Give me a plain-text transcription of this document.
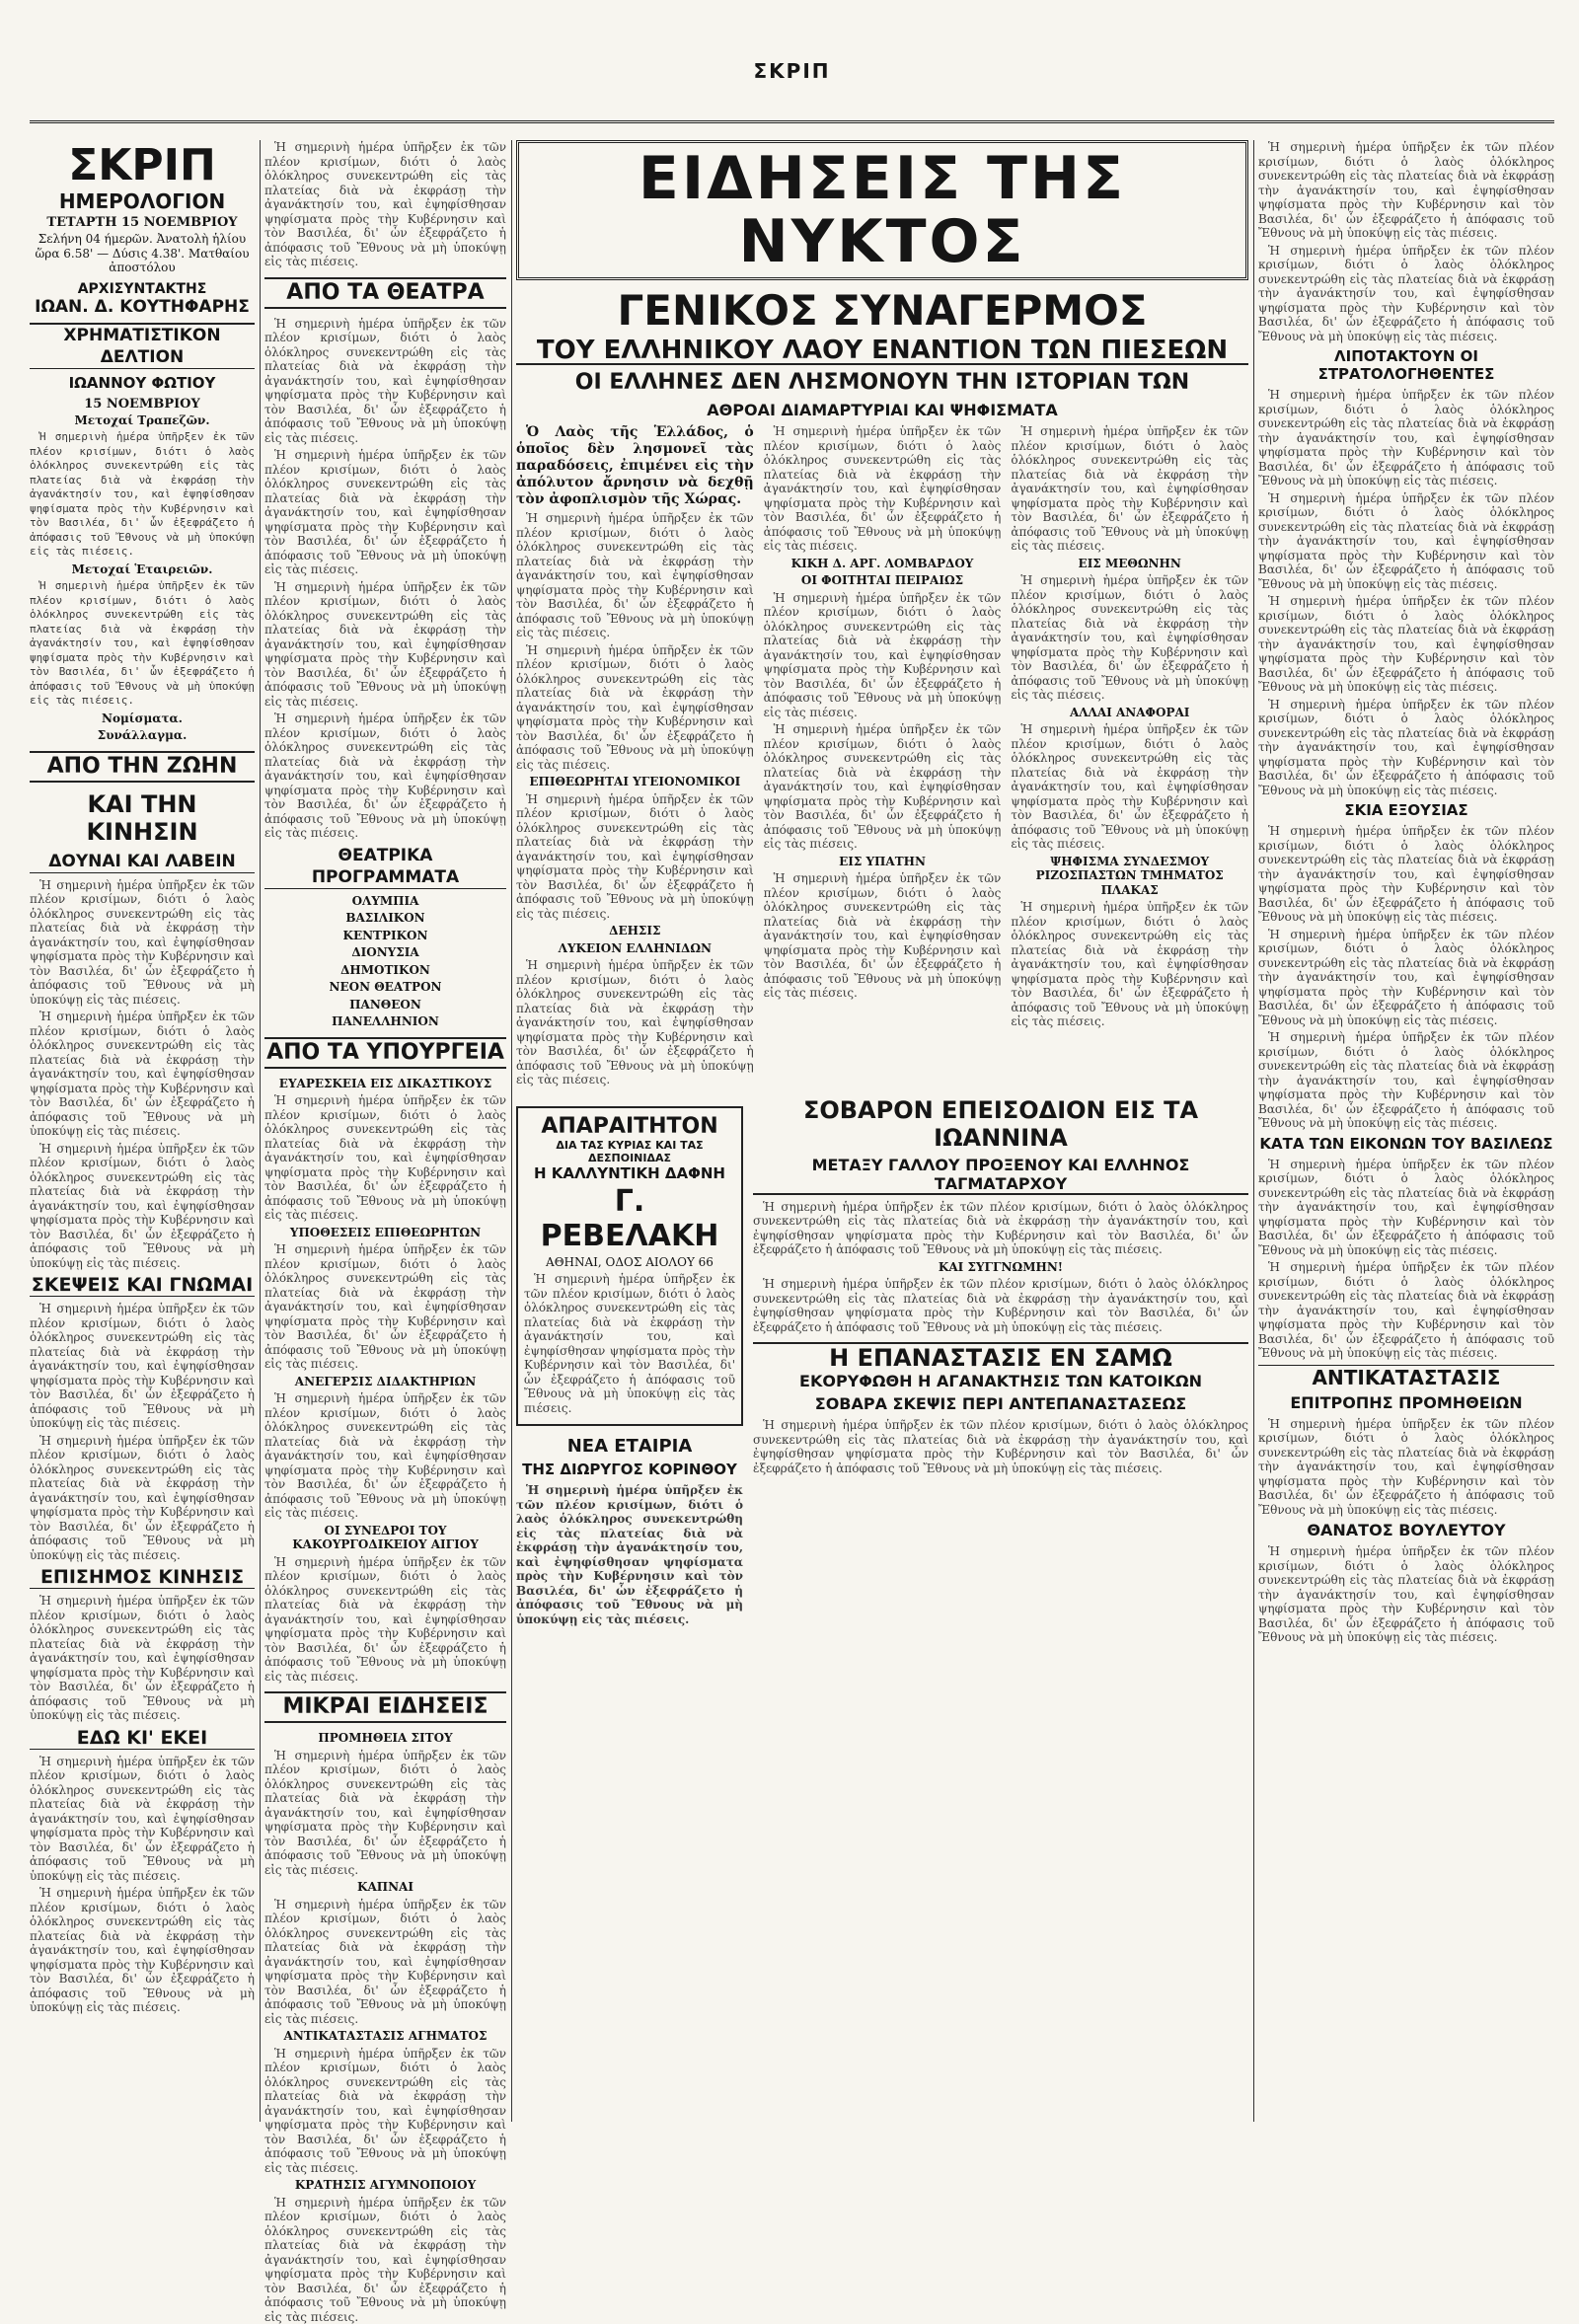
ΣΚΡΙΠ
ΣΚΡΙΠ
ΗΜΕΡΟΛΟΓΙΟΝ
ΤΕΤΑΡΤΗ 15 ΝΟΕΜΒΡΙΟΥ

Σελήνη 04 ήμερῶν. Ἀνατολὴ ἡλίου ὥρα 6.58' — Δύσις 4.38'. Ματθαίου ἀποστόλου

ΑΡΧΙΣΥΝΤΑΚΤΗΣ
ΙΩΑΝ. Δ. ΚΟΥΤΗΦΑΡΗΣ
ΧΡΗΜΑΤΙΣΤΙΚΟΝ ΔΕΛΤΙΟΝ
ΙΩΑΝΝΟΥ ΦΩΤΙΟΥ
15 ΝΟΕΜΒΡΙΟΥ

Μετοχαί Τραπεζῶν.

Ἡ σημερινὴ ἡμέρα ὑπῆρξεν ἐκ τῶν πλέον κρισίμων, διότι ὁ λαὸς ὁλόκληρος συνεκεντρώθη εἰς τὰς πλατείας διὰ νὰ ἐκφράσῃ τὴν ἀγανάκτησίν του, καὶ ἐψηφίσθησαν ψηφίσματα πρὸς τὴν Κυβέρνησιν καὶ τὸν Βασιλέα, δι' ὧν ἐξεφράζετο ἡ ἀπόφασις τοῦ Ἔθνους νὰ μὴ ὑποκύψῃ εἰς τὰς πιέσεις.

Μετοχαί Ἑταιρειῶν.

Ἡ σημερινὴ ἡμέρα ὑπῆρξεν ἐκ τῶν πλέον κρισίμων, διότι ὁ λαὸς ὁλόκληρος συνεκεντρώθη εἰς τὰς πλατείας διὰ νὰ ἐκφράσῃ τὴν ἀγανάκτησίν του, καὶ ἐψηφίσθησαν ψηφίσματα πρὸς τὴν Κυβέρνησιν καὶ τὸν Βασιλέα, δι' ὧν ἐξεφράζετο ἡ ἀπόφασις τοῦ Ἔθνους νὰ μὴ ὑποκύψῃ εἰς τὰς πιέσεις.

Νομίσματα.

Συνάλλαγμα.

ΑΠΟ ΤΗΝ ΖΩΗΝ
ΚΑΙ ΤΗΝ ΚΙΝΗΣΙΝ
ΔΟΥΝΑΙ ΚΑΙ ΛΑΒΕΙΝ

Ἡ σημερινὴ ἡμέρα ὑπῆρξεν ἐκ τῶν πλέον κρισίμων, διότι ὁ λαὸς ὁλόκληρος συνεκεντρώθη εἰς τὰς πλατείας διὰ νὰ ἐκφράσῃ τὴν ἀγανάκτησίν του, καὶ ἐψηφίσθησαν ψηφίσματα πρὸς τὴν Κυβέρνησιν καὶ τὸν Βασιλέα, δι' ὧν ἐξεφράζετο ἡ ἀπόφασις τοῦ Ἔθνους νὰ μὴ ὑποκύψῃ εἰς τὰς πιέσεις.

Ἡ σημερινὴ ἡμέρα ὑπῆρξεν ἐκ τῶν πλέον κρισίμων, διότι ὁ λαὸς ὁλόκληρος συνεκεντρώθη εἰς τὰς πλατείας διὰ νὰ ἐκφράσῃ τὴν ἀγανάκτησίν του, καὶ ἐψηφίσθησαν ψηφίσματα πρὸς τὴν Κυβέρνησιν καὶ τὸν Βασιλέα, δι' ὧν ἐξεφράζετο ἡ ἀπόφασις τοῦ Ἔθνους νὰ μὴ ὑποκύψῃ εἰς τὰς πιέσεις.

Ἡ σημερινὴ ἡμέρα ὑπῆρξεν ἐκ τῶν πλέον κρισίμων, διότι ὁ λαὸς ὁλόκληρος συνεκεντρώθη εἰς τὰς πλατείας διὰ νὰ ἐκφράσῃ τὴν ἀγανάκτησίν του, καὶ ἐψηφίσθησαν ψηφίσματα πρὸς τὴν Κυβέρνησιν καὶ τὸν Βασιλέα, δι' ὧν ἐξεφράζετο ἡ ἀπόφασις τοῦ Ἔθνους νὰ μὴ ὑποκύψῃ εἰς τὰς πιέσεις.

ΣΚΕΨΕΙΣ ΚΑΙ ΓΝΩΜΑΙ

Ἡ σημερινὴ ἡμέρα ὑπῆρξεν ἐκ τῶν πλέον κρισίμων, διότι ὁ λαὸς ὁλόκληρος συνεκεντρώθη εἰς τὰς πλατείας διὰ νὰ ἐκφράσῃ τὴν ἀγανάκτησίν του, καὶ ἐψηφίσθησαν ψηφίσματα πρὸς τὴν Κυβέρνησιν καὶ τὸν Βασιλέα, δι' ὧν ἐξεφράζετο ἡ ἀπόφασις τοῦ Ἔθνους νὰ μὴ ὑποκύψῃ εἰς τὰς πιέσεις.

Ἡ σημερινὴ ἡμέρα ὑπῆρξεν ἐκ τῶν πλέον κρισίμων, διότι ὁ λαὸς ὁλόκληρος συνεκεντρώθη εἰς τὰς πλατείας διὰ νὰ ἐκφράσῃ τὴν ἀγανάκτησίν του, καὶ ἐψηφίσθησαν ψηφίσματα πρὸς τὴν Κυβέρνησιν καὶ τὸν Βασιλέα, δι' ὧν ἐξεφράζετο ἡ ἀπόφασις τοῦ Ἔθνους νὰ μὴ ὑποκύψῃ εἰς τὰς πιέσεις.

ΕΠΙΣΗΜΟΣ ΚΙΝΗΣΙΣ

Ἡ σημερινὴ ἡμέρα ὑπῆρξεν ἐκ τῶν πλέον κρισίμων, διότι ὁ λαὸς ὁλόκληρος συνεκεντρώθη εἰς τὰς πλατείας διὰ νὰ ἐκφράσῃ τὴν ἀγανάκτησίν του, καὶ ἐψηφίσθησαν ψηφίσματα πρὸς τὴν Κυβέρνησιν καὶ τὸν Βασιλέα, δι' ὧν ἐξεφράζετο ἡ ἀπόφασις τοῦ Ἔθνους νὰ μὴ ὑποκύψῃ εἰς τὰς πιέσεις.

ΕΔΩ ΚΙ' ΕΚΕΙ

Ἡ σημερινὴ ἡμέρα ὑπῆρξεν ἐκ τῶν πλέον κρισίμων, διότι ὁ λαὸς ὁλόκληρος συνεκεντρώθη εἰς τὰς πλατείας διὰ νὰ ἐκφράσῃ τὴν ἀγανάκτησίν του, καὶ ἐψηφίσθησαν ψηφίσματα πρὸς τὴν Κυβέρνησιν καὶ τὸν Βασιλέα, δι' ὧν ἐξεφράζετο ἡ ἀπόφασις τοῦ Ἔθνους νὰ μὴ ὑποκύψῃ εἰς τὰς πιέσεις.

Ἡ σημερινὴ ἡμέρα ὑπῆρξεν ἐκ τῶν πλέον κρισίμων, διότι ὁ λαὸς ὁλόκληρος συνεκεντρώθη εἰς τὰς πλατείας διὰ νὰ ἐκφράσῃ τὴν ἀγανάκτησίν του, καὶ ἐψηφίσθησαν ψηφίσματα πρὸς τὴν Κυβέρνησιν καὶ τὸν Βασιλέα, δι' ὧν ἐξεφράζετο ἡ ἀπόφασις τοῦ Ἔθνους νὰ μὴ ὑποκύψῃ εἰς τὰς πιέσεις.

Ἡ σημερινὴ ἡμέρα ὑπῆρξεν ἐκ τῶν πλέον κρισίμων, διότι ὁ λαὸς ὁλόκληρος συνεκεντρώθη εἰς τὰς πλατείας διὰ νὰ ἐκφράσῃ τὴν ἀγανάκτησίν του, καὶ ἐψηφίσθησαν ψηφίσματα πρὸς τὴν Κυβέρνησιν καὶ τὸν Βασιλέα, δι' ὧν ἐξεφράζετο ἡ ἀπόφασις τοῦ Ἔθνους νὰ μὴ ὑποκύψῃ εἰς τὰς πιέσεις.

ΑΠΟ ΤΑ ΘΕΑΤΡΑ

Ἡ σημερινὴ ἡμέρα ὑπῆρξεν ἐκ τῶν πλέον κρισίμων, διότι ὁ λαὸς ὁλόκληρος συνεκεντρώθη εἰς τὰς πλατείας διὰ νὰ ἐκφράσῃ τὴν ἀγανάκτησίν του, καὶ ἐψηφίσθησαν ψηφίσματα πρὸς τὴν Κυβέρνησιν καὶ τὸν Βασιλέα, δι' ὧν ἐξεφράζετο ἡ ἀπόφασις τοῦ Ἔθνους νὰ μὴ ὑποκύψῃ εἰς τὰς πιέσεις.

Ἡ σημερινὴ ἡμέρα ὑπῆρξεν ἐκ τῶν πλέον κρισίμων, διότι ὁ λαὸς ὁλόκληρος συνεκεντρώθη εἰς τὰς πλατείας διὰ νὰ ἐκφράσῃ τὴν ἀγανάκτησίν του, καὶ ἐψηφίσθησαν ψηφίσματα πρὸς τὴν Κυβέρνησιν καὶ τὸν Βασιλέα, δι' ὧν ἐξεφράζετο ἡ ἀπόφασις τοῦ Ἔθνους νὰ μὴ ὑποκύψῃ εἰς τὰς πιέσεις.

Ἡ σημερινὴ ἡμέρα ὑπῆρξεν ἐκ τῶν πλέον κρισίμων, διότι ὁ λαὸς ὁλόκληρος συνεκεντρώθη εἰς τὰς πλατείας διὰ νὰ ἐκφράσῃ τὴν ἀγανάκτησίν του, καὶ ἐψηφίσθησαν ψηφίσματα πρὸς τὴν Κυβέρνησιν καὶ τὸν Βασιλέα, δι' ὧν ἐξεφράζετο ἡ ἀπόφασις τοῦ Ἔθνους νὰ μὴ ὑποκύψῃ εἰς τὰς πιέσεις.

Ἡ σημερινὴ ἡμέρα ὑπῆρξεν ἐκ τῶν πλέον κρισίμων, διότι ὁ λαὸς ὁλόκληρος συνεκεντρώθη εἰς τὰς πλατείας διὰ νὰ ἐκφράσῃ τὴν ἀγανάκτησίν του, καὶ ἐψηφίσθησαν ψηφίσματα πρὸς τὴν Κυβέρνησιν καὶ τὸν Βασιλέα, δι' ὧν ἐξεφράζετο ἡ ἀπόφασις τοῦ Ἔθνους νὰ μὴ ὑποκύψῃ εἰς τὰς πιέσεις.

ΘΕΑΤΡΙΚΑ ΠΡΟΓΡΑΜΜΑΤΑ

ΟΛΥΜΠΙΑ

ΒΑΣΙΛΙΚΟΝ

ΚΕΝΤΡΙΚΟΝ

ΔΙΟΝΥΣΙΑ

ΔΗΜΟΤΙΚΟΝ

ΝΕΟΝ ΘΕΑΤΡΟΝ

ΠΑΝΘΕΟΝ

ΠΑΝΕΛΛΗΝΙΟΝ

ΑΠΟ ΤΑ ΥΠΟΥΡΓΕΙΑ

ΕΥΑΡΕΣΚΕΙΑ ΕΙΣ ΔΙΚΑΣΤΙΚΟΥΣ

Ἡ σημερινὴ ἡμέρα ὑπῆρξεν ἐκ τῶν πλέον κρισίμων, διότι ὁ λαὸς ὁλόκληρος συνεκεντρώθη εἰς τὰς πλατείας διὰ νὰ ἐκφράσῃ τὴν ἀγανάκτησίν του, καὶ ἐψηφίσθησαν ψηφίσματα πρὸς τὴν Κυβέρνησιν καὶ τὸν Βασιλέα, δι' ὧν ἐξεφράζετο ἡ ἀπόφασις τοῦ Ἔθνους νὰ μὴ ὑποκύψῃ εἰς τὰς πιέσεις.

ΥΠΟΘΕΣΕΙΣ ΕΠΙΘΕΩΡΗΤΩΝ

Ἡ σημερινὴ ἡμέρα ὑπῆρξεν ἐκ τῶν πλέον κρισίμων, διότι ὁ λαὸς ὁλόκληρος συνεκεντρώθη εἰς τὰς πλατείας διὰ νὰ ἐκφράσῃ τὴν ἀγανάκτησίν του, καὶ ἐψηφίσθησαν ψηφίσματα πρὸς τὴν Κυβέρνησιν καὶ τὸν Βασιλέα, δι' ὧν ἐξεφράζετο ἡ ἀπόφασις τοῦ Ἔθνους νὰ μὴ ὑποκύψῃ εἰς τὰς πιέσεις.

ΑΝΕΓΕΡΣΙΣ ΔΙΔΑΚΤΗΡΙΩΝ

Ἡ σημερινὴ ἡμέρα ὑπῆρξεν ἐκ τῶν πλέον κρισίμων, διότι ὁ λαὸς ὁλόκληρος συνεκεντρώθη εἰς τὰς πλατείας διὰ νὰ ἐκφράσῃ τὴν ἀγανάκτησίν του, καὶ ἐψηφίσθησαν ψηφίσματα πρὸς τὴν Κυβέρνησιν καὶ τὸν Βασιλέα, δι' ὧν ἐξεφράζετο ἡ ἀπόφασις τοῦ Ἔθνους νὰ μὴ ὑποκύψῃ εἰς τὰς πιέσεις.

ΟΙ ΣΥΝΕΔΡΟΙ ΤΟΥ ΚΑΚΟΥΡΓΟΔΙΚΕΙΟΥ ΑΙΓΙΟΥ

Ἡ σημερινὴ ἡμέρα ὑπῆρξεν ἐκ τῶν πλέον κρισίμων, διότι ὁ λαὸς ὁλόκληρος συνεκεντρώθη εἰς τὰς πλατείας διὰ νὰ ἐκφράσῃ τὴν ἀγανάκτησίν του, καὶ ἐψηφίσθησαν ψηφίσματα πρὸς τὴν Κυβέρνησιν καὶ τὸν Βασιλέα, δι' ὧν ἐξεφράζετο ἡ ἀπόφασις τοῦ Ἔθνους νὰ μὴ ὑποκύψῃ εἰς τὰς πιέσεις.

ΜΙΚΡΑΙ ΕΙΔΗΣΕΙΣ

ΠΡΟΜΗΘΕΙΑ ΣΙΤΟΥ

Ἡ σημερινὴ ἡμέρα ὑπῆρξεν ἐκ τῶν πλέον κρισίμων, διότι ὁ λαὸς ὁλόκληρος συνεκεντρώθη εἰς τὰς πλατείας διὰ νὰ ἐκφράσῃ τὴν ἀγανάκτησίν του, καὶ ἐψηφίσθησαν ψηφίσματα πρὸς τὴν Κυβέρνησιν καὶ τὸν Βασιλέα, δι' ὧν ἐξεφράζετο ἡ ἀπόφασις τοῦ Ἔθνους νὰ μὴ ὑποκύψῃ εἰς τὰς πιέσεις.

ΚΑΠΝΑΙ

Ἡ σημερινὴ ἡμέρα ὑπῆρξεν ἐκ τῶν πλέον κρισίμων, διότι ὁ λαὸς ὁλόκληρος συνεκεντρώθη εἰς τὰς πλατείας διὰ νὰ ἐκφράσῃ τὴν ἀγανάκτησίν του, καὶ ἐψηφίσθησαν ψηφίσματα πρὸς τὴν Κυβέρνησιν καὶ τὸν Βασιλέα, δι' ὧν ἐξεφράζετο ἡ ἀπόφασις τοῦ Ἔθνους νὰ μὴ ὑποκύψῃ εἰς τὰς πιέσεις.

ΑΝΤΙΚΑΤΑΣΤΑΣΙΣ ΑΓΗΜΑΤΟΣ

Ἡ σημερινὴ ἡμέρα ὑπῆρξεν ἐκ τῶν πλέον κρισίμων, διότι ὁ λαὸς ὁλόκληρος συνεκεντρώθη εἰς τὰς πλατείας διὰ νὰ ἐκφράσῃ τὴν ἀγανάκτησίν του, καὶ ἐψηφίσθησαν ψηφίσματα πρὸς τὴν Κυβέρνησιν καὶ τὸν Βασιλέα, δι' ὧν ἐξεφράζετο ἡ ἀπόφασις τοῦ Ἔθνους νὰ μὴ ὑποκύψῃ εἰς τὰς πιέσεις.

ΚΡΑΤΗΣΙΣ ΑΓΥΜΝΟΠΟΙΟΥ

Ἡ σημερινὴ ἡμέρα ὑπῆρξεν ἐκ τῶν πλέον κρισίμων, διότι ὁ λαὸς ὁλόκληρος συνεκεντρώθη εἰς τὰς πλατείας διὰ νὰ ἐκφράσῃ τὴν ἀγανάκτησίν του, καὶ ἐψηφίσθησαν ψηφίσματα πρὸς τὴν Κυβέρνησιν καὶ τὸν Βασιλέα, δι' ὧν ἐξεφράζετο ἡ ἀπόφασις τοῦ Ἔθνους νὰ μὴ ὑποκύψῃ εἰς τὰς πιέσεις.

ΕΙΔΗΣΕΙΣ ΤΗΣ ΝΥΚΤΟΣ
ΓΕΝΙΚΟΣ ΣΥΝΑΓΕΡΜΟΣ
ΤΟΥ ΕΛΛΗΝΙΚΟΥ ΛΑΟΥ ΕΝΑΝΤΙΟΝ ΤΩΝ ΠΙΕΣΕΩΝ
ΟΙ ΕΛΛΗΝΕΣ ΔΕΝ ΛΗΣΜΟΝΟΥΝ ΤΗΝ ΙΣΤΟΡΙΑΝ ΤΩΝ
ΑΘΡΟΑΙ ΔΙΑΜΑΡΤΥΡΙΑΙ ΚΑΙ ΨΗΦΙΣΜΑΤΑ

Ὁ Λαὸς τῆς Ἑλλάδος, ὁ ὁποῖος δὲν λησμονεῖ τὰς παραδόσεις, ἐπιμένει εἰς τὴν ἀπόλυτον ἄρνησιν νὰ δεχθῇ τὸν ἀφοπλισμὸν τῆς Χώρας.

Ἡ σημερινὴ ἡμέρα ὑπῆρξεν ἐκ τῶν πλέον κρισίμων, διότι ὁ λαὸς ὁλόκληρος συνεκεντρώθη εἰς τὰς πλατείας διὰ νὰ ἐκφράσῃ τὴν ἀγανάκτησίν του, καὶ ἐψηφίσθησαν ψηφίσματα πρὸς τὴν Κυβέρνησιν καὶ τὸν Βασιλέα, δι' ὧν ἐξεφράζετο ἡ ἀπόφασις τοῦ Ἔθνους νὰ μὴ ὑποκύψῃ εἰς τὰς πιέσεις.

Ἡ σημερινὴ ἡμέρα ὑπῆρξεν ἐκ τῶν πλέον κρισίμων, διότι ὁ λαὸς ὁλόκληρος συνεκεντρώθη εἰς τὰς πλατείας διὰ νὰ ἐκφράσῃ τὴν ἀγανάκτησίν του, καὶ ἐψηφίσθησαν ψηφίσματα πρὸς τὴν Κυβέρνησιν καὶ τὸν Βασιλέα, δι' ὧν ἐξεφράζετο ἡ ἀπόφασις τοῦ Ἔθνους νὰ μὴ ὑποκύψῃ εἰς τὰς πιέσεις.

ΕΠΙΘΕΩΡΗΤΑΙ ΥΓΕΙΟΝΟΜΙΚΟΙ

Ἡ σημερινὴ ἡμέρα ὑπῆρξεν ἐκ τῶν πλέον κρισίμων, διότι ὁ λαὸς ὁλόκληρος συνεκεντρώθη εἰς τὰς πλατείας διὰ νὰ ἐκφράσῃ τὴν ἀγανάκτησίν του, καὶ ἐψηφίσθησαν ψηφίσματα πρὸς τὴν Κυβέρνησιν καὶ τὸν Βασιλέα, δι' ὧν ἐξεφράζετο ἡ ἀπόφασις τοῦ Ἔθνους νὰ μὴ ὑποκύψῃ εἰς τὰς πιέσεις.

ΔΕΗΣΙΣ

ΛΥΚΕΙΟΝ ΕΛΛΗΝΙΔΩΝ

Ἡ σημερινὴ ἡμέρα ὑπῆρξεν ἐκ τῶν πλέον κρισίμων, διότι ὁ λαὸς ὁλόκληρος συνεκεντρώθη εἰς τὰς πλατείας διὰ νὰ ἐκφράσῃ τὴν ἀγανάκτησίν του, καὶ ἐψηφίσθησαν ψηφίσματα πρὸς τὴν Κυβέρνησιν καὶ τὸν Βασιλέα, δι' ὧν ἐξεφράζετο ἡ ἀπόφασις τοῦ Ἔθνους νὰ μὴ ὑποκύψῃ εἰς τὰς πιέσεις.

Ἡ σημερινὴ ἡμέρα ὑπῆρξεν ἐκ τῶν πλέον κρισίμων, διότι ὁ λαὸς ὁλόκληρος συνεκεντρώθη εἰς τὰς πλατείας διὰ νὰ ἐκφράσῃ τὴν ἀγανάκτησίν του, καὶ ἐψηφίσθησαν ψηφίσματα πρὸς τὴν Κυβέρνησιν καὶ τὸν Βασιλέα, δι' ὧν ἐξεφράζετο ἡ ἀπόφασις τοῦ Ἔθνους νὰ μὴ ὑποκύψῃ εἰς τὰς πιέσεις.

ΚΙΚΗ Δ. ΑΡΓ. ΛΟΜΒΑΡΔΟΥ

ΟΙ ΦΟΙΤΗΤΑΙ ΠΕΙΡΑΙΩΣ

Ἡ σημερινὴ ἡμέρα ὑπῆρξεν ἐκ τῶν πλέον κρισίμων, διότι ὁ λαὸς ὁλόκληρος συνεκεντρώθη εἰς τὰς πλατείας διὰ νὰ ἐκφράσῃ τὴν ἀγανάκτησίν του, καὶ ἐψηφίσθησαν ψηφίσματα πρὸς τὴν Κυβέρνησιν καὶ τὸν Βασιλέα, δι' ὧν ἐξεφράζετο ἡ ἀπόφασις τοῦ Ἔθνους νὰ μὴ ὑποκύψῃ εἰς τὰς πιέσεις.

Ἡ σημερινὴ ἡμέρα ὑπῆρξεν ἐκ τῶν πλέον κρισίμων, διότι ὁ λαὸς ὁλόκληρος συνεκεντρώθη εἰς τὰς πλατείας διὰ νὰ ἐκφράσῃ τὴν ἀγανάκτησίν του, καὶ ἐψηφίσθησαν ψηφίσματα πρὸς τὴν Κυβέρνησιν καὶ τὸν Βασιλέα, δι' ὧν ἐξεφράζετο ἡ ἀπόφασις τοῦ Ἔθνους νὰ μὴ ὑποκύψῃ εἰς τὰς πιέσεις.

ΕΙΣ ΥΠΑΤΗΝ

Ἡ σημερινὴ ἡμέρα ὑπῆρξεν ἐκ τῶν πλέον κρισίμων, διότι ὁ λαὸς ὁλόκληρος συνεκεντρώθη εἰς τὰς πλατείας διὰ νὰ ἐκφράσῃ τὴν ἀγανάκτησίν του, καὶ ἐψηφίσθησαν ψηφίσματα πρὸς τὴν Κυβέρνησιν καὶ τὸν Βασιλέα, δι' ὧν ἐξεφράζετο ἡ ἀπόφασις τοῦ Ἔθνους νὰ μὴ ὑποκύψῃ εἰς τὰς πιέσεις.

Ἡ σημερινὴ ἡμέρα ὑπῆρξεν ἐκ τῶν πλέον κρισίμων, διότι ὁ λαὸς ὁλόκληρος συνεκεντρώθη εἰς τὰς πλατείας διὰ νὰ ἐκφράσῃ τὴν ἀγανάκτησίν του, καὶ ἐψηφίσθησαν ψηφίσματα πρὸς τὴν Κυβέρνησιν καὶ τὸν Βασιλέα, δι' ὧν ἐξεφράζετο ἡ ἀπόφασις τοῦ Ἔθνους νὰ μὴ ὑποκύψῃ εἰς τὰς πιέσεις.

ΕΙΣ ΜΕΘΩΝΗΝ

Ἡ σημερινὴ ἡμέρα ὑπῆρξεν ἐκ τῶν πλέον κρισίμων, διότι ὁ λαὸς ὁλόκληρος συνεκεντρώθη εἰς τὰς πλατείας διὰ νὰ ἐκφράσῃ τὴν ἀγανάκτησίν του, καὶ ἐψηφίσθησαν ψηφίσματα πρὸς τὴν Κυβέρνησιν καὶ τὸν Βασιλέα, δι' ὧν ἐξεφράζετο ἡ ἀπόφασις τοῦ Ἔθνους νὰ μὴ ὑποκύψῃ εἰς τὰς πιέσεις.

ΑΛΛΑΙ ΑΝΑΦΟΡΑΙ

Ἡ σημερινὴ ἡμέρα ὑπῆρξεν ἐκ τῶν πλέον κρισίμων, διότι ὁ λαὸς ὁλόκληρος συνεκεντρώθη εἰς τὰς πλατείας διὰ νὰ ἐκφράσῃ τὴν ἀγανάκτησίν του, καὶ ἐψηφίσθησαν ψηφίσματα πρὸς τὴν Κυβέρνησιν καὶ τὸν Βασιλέα, δι' ὧν ἐξεφράζετο ἡ ἀπόφασις τοῦ Ἔθνους νὰ μὴ ὑποκύψῃ εἰς τὰς πιέσεις.

ΨΗΦΙΣΜΑ ΣΥΝΔΕΣΜΟΥ ΡΙΖΟΣΠΑΣΤΩΝ ΤΜΗΜΑΤΟΣ ΠΛΑΚΑΣ

Ἡ σημερινὴ ἡμέρα ὑπῆρξεν ἐκ τῶν πλέον κρισίμων, διότι ὁ λαὸς ὁλόκληρος συνεκεντρώθη εἰς τὰς πλατείας διὰ νὰ ἐκφράσῃ τὴν ἀγανάκτησίν του, καὶ ἐψηφίσθησαν ψηφίσματα πρὸς τὴν Κυβέρνησιν καὶ τὸν Βασιλέα, δι' ὧν ἐξεφράζετο ἡ ἀπόφασις τοῦ Ἔθνους νὰ μὴ ὑποκύψῃ εἰς τὰς πιέσεις.

ΑΠΑΡΑΙΤΗΤΟΝ
ΔΙΑ ΤΑΣ ΚΥΡΙΑΣ ΚΑΙ ΤΑΣ ΔΕΣΠΟΙΝΙΔΑΣ
Η ΚΑΛΛΥΝΤΙΚΗ ΔΑΦΝΗ
Γ. ΡΕΒΕΛΑΚΗ

ΑΘΗΝΑΙ, ΟΔΟΣ ΑΙΟΛΟΥ 66

Ἡ σημερινὴ ἡμέρα ὑπῆρξεν ἐκ τῶν πλέον κρισίμων, διότι ὁ λαὸς ὁλόκληρος συνεκεντρώθη εἰς τὰς πλατείας διὰ νὰ ἐκφράσῃ τὴν ἀγανάκτησίν του, καὶ ἐψηφίσθησαν ψηφίσματα πρὸς τὴν Κυβέρνησιν καὶ τὸν Βασιλέα, δι' ὧν ἐξεφράζετο ἡ ἀπόφασις τοῦ Ἔθνους νὰ μὴ ὑποκύψῃ εἰς τὰς πιέσεις.

ΝΕΑ ΕΤΑΙΡΙΑ
ΤΗΣ ΔΙΩΡΥΓΟΣ ΚΟΡΙΝΘΟΥ

Ἡ σημερινὴ ἡμέρα ὑπῆρξεν ἐκ τῶν πλέον κρισίμων, διότι ὁ λαὸς ὁλόκληρος συνεκεντρώθη εἰς τὰς πλατείας διὰ νὰ ἐκφράσῃ τὴν ἀγανάκτησίν του, καὶ ἐψηφίσθησαν ψηφίσματα πρὸς τὴν Κυβέρνησιν καὶ τὸν Βασιλέα, δι' ὧν ἐξεφράζετο ἡ ἀπόφασις τοῦ Ἔθνους νὰ μὴ ὑποκύψῃ εἰς τὰς πιέσεις.

ΣΟΒΑΡΟΝ ΕΠΕΙΣΟΔΙΟΝ ΕΙΣ ΤΑ ΙΩΑΝΝΙΝΑ
ΜΕΤΑΞΥ ΓΑΛΛΟΥ ΠΡΟΞΕΝΟΥ ΚΑΙ ΕΛΛΗΝΟΣ ΤΑΓΜΑΤΑΡΧΟΥ

Ἡ σημερινὴ ἡμέρα ὑπῆρξεν ἐκ τῶν πλέον κρισίμων, διότι ὁ λαὸς ὁλόκληρος συνεκεντρώθη εἰς τὰς πλατείας διὰ νὰ ἐκφράσῃ τὴν ἀγανάκτησίν του, καὶ ἐψηφίσθησαν ψηφίσματα πρὸς τὴν Κυβέρνησιν καὶ τὸν Βασιλέα, δι' ὧν ἐξεφράζετο ἡ ἀπόφασις τοῦ Ἔθνους νὰ μὴ ὑποκύψῃ εἰς τὰς πιέσεις.

ΚΑΙ ΣΥΓΓΝΩΜΗΝ!

Ἡ σημερινὴ ἡμέρα ὑπῆρξεν ἐκ τῶν πλέον κρισίμων, διότι ὁ λαὸς ὁλόκληρος συνεκεντρώθη εἰς τὰς πλατείας διὰ νὰ ἐκφράσῃ τὴν ἀγανάκτησίν του, καὶ ἐψηφίσθησαν ψηφίσματα πρὸς τὴν Κυβέρνησιν καὶ τὸν Βασιλέα, δι' ὧν ἐξεφράζετο ἡ ἀπόφασις τοῦ Ἔθνους νὰ μὴ ὑποκύψῃ εἰς τὰς πιέσεις.

Η ΕΠΑΝΑΣΤΑΣΙΣ ΕΝ ΣΑΜΩ
ΕΚΟΡΥΦΩΘΗ Η ΑΓΑΝΑΚΤΗΣΙΣ ΤΩΝ ΚΑΤΟΙΚΩΝ
ΣΟΒΑΡΑ ΣΚΕΨΙΣ ΠΕΡΙ ΑΝΤΕΠΑΝΑΣΤΑΣΕΩΣ

Ἡ σημερινὴ ἡμέρα ὑπῆρξεν ἐκ τῶν πλέον κρισίμων, διότι ὁ λαὸς ὁλόκληρος συνεκεντρώθη εἰς τὰς πλατείας διὰ νὰ ἐκφράσῃ τὴν ἀγανάκτησίν του, καὶ ἐψηφίσθησαν ψηφίσματα πρὸς τὴν Κυβέρνησιν καὶ τὸν Βασιλέα, δι' ὧν ἐξεφράζετο ἡ ἀπόφασις τοῦ Ἔθνους νὰ μὴ ὑποκύψῃ εἰς τὰς πιέσεις.

Ἡ σημερινὴ ἡμέρα ὑπῆρξεν ἐκ τῶν πλέον κρισίμων, διότι ὁ λαὸς ὁλόκληρος συνεκεντρώθη εἰς τὰς πλατείας διὰ νὰ ἐκφράσῃ τὴν ἀγανάκτησίν του, καὶ ἐψηφίσθησαν ψηφίσματα πρὸς τὴν Κυβέρνησιν καὶ τὸν Βασιλέα, δι' ὧν ἐξεφράζετο ἡ ἀπόφασις τοῦ Ἔθνους νὰ μὴ ὑποκύψῃ εἰς τὰς πιέσεις.

Ἡ σημερινὴ ἡμέρα ὑπῆρξεν ἐκ τῶν πλέον κρισίμων, διότι ὁ λαὸς ὁλόκληρος συνεκεντρώθη εἰς τὰς πλατείας διὰ νὰ ἐκφράσῃ τὴν ἀγανάκτησίν του, καὶ ἐψηφίσθησαν ψηφίσματα πρὸς τὴν Κυβέρνησιν καὶ τὸν Βασιλέα, δι' ὧν ἐξεφράζετο ἡ ἀπόφασις τοῦ Ἔθνους νὰ μὴ ὑποκύψῃ εἰς τὰς πιέσεις.

ΛΙΠΟΤΑΚΤΟΥΝ ΟΙ ΣΤΡΑΤΟΛΟΓΗΘΕΝΤΕΣ

Ἡ σημερινὴ ἡμέρα ὑπῆρξεν ἐκ τῶν πλέον κρισίμων, διότι ὁ λαὸς ὁλόκληρος συνεκεντρώθη εἰς τὰς πλατείας διὰ νὰ ἐκφράσῃ τὴν ἀγανάκτησίν του, καὶ ἐψηφίσθησαν ψηφίσματα πρὸς τὴν Κυβέρνησιν καὶ τὸν Βασιλέα, δι' ὧν ἐξεφράζετο ἡ ἀπόφασις τοῦ Ἔθνους νὰ μὴ ὑποκύψῃ εἰς τὰς πιέσεις.

Ἡ σημερινὴ ἡμέρα ὑπῆρξεν ἐκ τῶν πλέον κρισίμων, διότι ὁ λαὸς ὁλόκληρος συνεκεντρώθη εἰς τὰς πλατείας διὰ νὰ ἐκφράσῃ τὴν ἀγανάκτησίν του, καὶ ἐψηφίσθησαν ψηφίσματα πρὸς τὴν Κυβέρνησιν καὶ τὸν Βασιλέα, δι' ὧν ἐξεφράζετο ἡ ἀπόφασις τοῦ Ἔθνους νὰ μὴ ὑποκύψῃ εἰς τὰς πιέσεις.

Ἡ σημερινὴ ἡμέρα ὑπῆρξεν ἐκ τῶν πλέον κρισίμων, διότι ὁ λαὸς ὁλόκληρος συνεκεντρώθη εἰς τὰς πλατείας διὰ νὰ ἐκφράσῃ τὴν ἀγανάκτησίν του, καὶ ἐψηφίσθησαν ψηφίσματα πρὸς τὴν Κυβέρνησιν καὶ τὸν Βασιλέα, δι' ὧν ἐξεφράζετο ἡ ἀπόφασις τοῦ Ἔθνους νὰ μὴ ὑποκύψῃ εἰς τὰς πιέσεις.

Ἡ σημερινὴ ἡμέρα ὑπῆρξεν ἐκ τῶν πλέον κρισίμων, διότι ὁ λαὸς ὁλόκληρος συνεκεντρώθη εἰς τὰς πλατείας διὰ νὰ ἐκφράσῃ τὴν ἀγανάκτησίν του, καὶ ἐψηφίσθησαν ψηφίσματα πρὸς τὴν Κυβέρνησιν καὶ τὸν Βασιλέα, δι' ὧν ἐξεφράζετο ἡ ἀπόφασις τοῦ Ἔθνους νὰ μὴ ὑποκύψῃ εἰς τὰς πιέσεις.

ΣΚΙΑ ΕΞΟΥΣΙΑΣ

Ἡ σημερινὴ ἡμέρα ὑπῆρξεν ἐκ τῶν πλέον κρισίμων, διότι ὁ λαὸς ὁλόκληρος συνεκεντρώθη εἰς τὰς πλατείας διὰ νὰ ἐκφράσῃ τὴν ἀγανάκτησίν του, καὶ ἐψηφίσθησαν ψηφίσματα πρὸς τὴν Κυβέρνησιν καὶ τὸν Βασιλέα, δι' ὧν ἐξεφράζετο ἡ ἀπόφασις τοῦ Ἔθνους νὰ μὴ ὑποκύψῃ εἰς τὰς πιέσεις.

Ἡ σημερινὴ ἡμέρα ὑπῆρξεν ἐκ τῶν πλέον κρισίμων, διότι ὁ λαὸς ὁλόκληρος συνεκεντρώθη εἰς τὰς πλατείας διὰ νὰ ἐκφράσῃ τὴν ἀγανάκτησίν του, καὶ ἐψηφίσθησαν ψηφίσματα πρὸς τὴν Κυβέρνησιν καὶ τὸν Βασιλέα, δι' ὧν ἐξεφράζετο ἡ ἀπόφασις τοῦ Ἔθνους νὰ μὴ ὑποκύψῃ εἰς τὰς πιέσεις.

Ἡ σημερινὴ ἡμέρα ὑπῆρξεν ἐκ τῶν πλέον κρισίμων, διότι ὁ λαὸς ὁλόκληρος συνεκεντρώθη εἰς τὰς πλατείας διὰ νὰ ἐκφράσῃ τὴν ἀγανάκτησίν του, καὶ ἐψηφίσθησαν ψηφίσματα πρὸς τὴν Κυβέρνησιν καὶ τὸν Βασιλέα, δι' ὧν ἐξεφράζετο ἡ ἀπόφασις τοῦ Ἔθνους νὰ μὴ ὑποκύψῃ εἰς τὰς πιέσεις.

ΚΑΤΑ ΤΩΝ ΕΙΚΟΝΩΝ ΤΟΥ ΒΑΣΙΛΕΩΣ

Ἡ σημερινὴ ἡμέρα ὑπῆρξεν ἐκ τῶν πλέον κρισίμων, διότι ὁ λαὸς ὁλόκληρος συνεκεντρώθη εἰς τὰς πλατείας διὰ νὰ ἐκφράσῃ τὴν ἀγανάκτησίν του, καὶ ἐψηφίσθησαν ψηφίσματα πρὸς τὴν Κυβέρνησιν καὶ τὸν Βασιλέα, δι' ὧν ἐξεφράζετο ἡ ἀπόφασις τοῦ Ἔθνους νὰ μὴ ὑποκύψῃ εἰς τὰς πιέσεις.

Ἡ σημερινὴ ἡμέρα ὑπῆρξεν ἐκ τῶν πλέον κρισίμων, διότι ὁ λαὸς ὁλόκληρος συνεκεντρώθη εἰς τὰς πλατείας διὰ νὰ ἐκφράσῃ τὴν ἀγανάκτησίν του, καὶ ἐψηφίσθησαν ψηφίσματα πρὸς τὴν Κυβέρνησιν καὶ τὸν Βασιλέα, δι' ὧν ἐξεφράζετο ἡ ἀπόφασις τοῦ Ἔθνους νὰ μὴ ὑποκύψῃ εἰς τὰς πιέσεις.

ΑΝΤΙΚΑΤΑΣΤΑΣΙΣ
ΕΠΙΤΡΟΠΗΣ ΠΡΟΜΗΘΕΙΩΝ

Ἡ σημερινὴ ἡμέρα ὑπῆρξεν ἐκ τῶν πλέον κρισίμων, διότι ὁ λαὸς ὁλόκληρος συνεκεντρώθη εἰς τὰς πλατείας διὰ νὰ ἐκφράσῃ τὴν ἀγανάκτησίν του, καὶ ἐψηφίσθησαν ψηφίσματα πρὸς τὴν Κυβέρνησιν καὶ τὸν Βασιλέα, δι' ὧν ἐξεφράζετο ἡ ἀπόφασις τοῦ Ἔθνους νὰ μὴ ὑποκύψῃ εἰς τὰς πιέσεις.

ΘΑΝΑΤΟΣ ΒΟΥΛΕΥΤΟΥ

Ἡ σημερινὴ ἡμέρα ὑπῆρξεν ἐκ τῶν πλέον κρισίμων, διότι ὁ λαὸς ὁλόκληρος συνεκεντρώθη εἰς τὰς πλατείας διὰ νὰ ἐκφράσῃ τὴν ἀγανάκτησίν του, καὶ ἐψηφίσθησαν ψηφίσματα πρὸς τὴν Κυβέρνησιν καὶ τὸν Βασιλέα, δι' ὧν ἐξεφράζετο ἡ ἀπόφασις τοῦ Ἔθνους νὰ μὴ ὑποκύψῃ εἰς τὰς πιέσεις.
